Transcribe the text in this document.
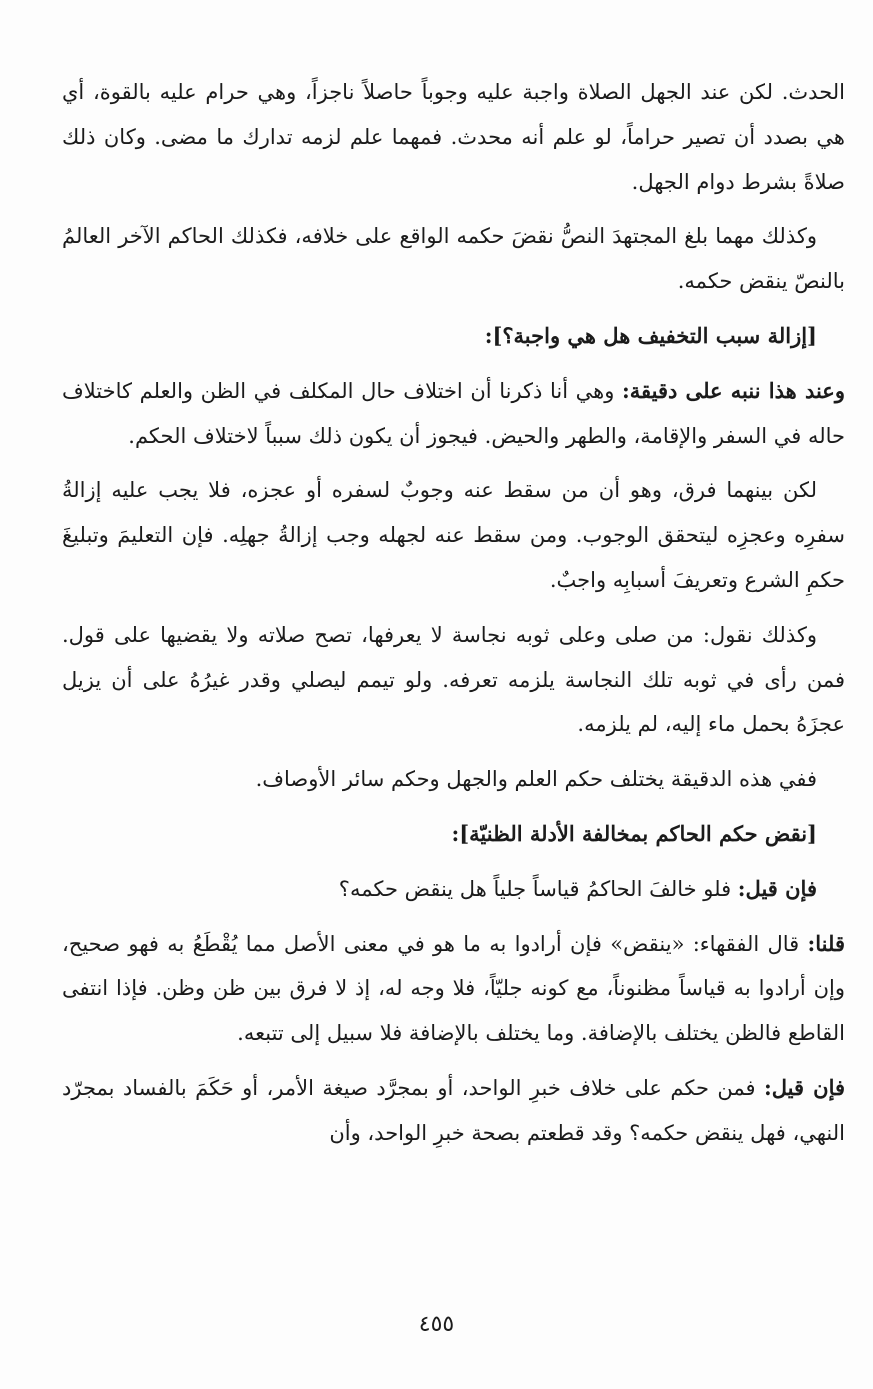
الحدث. لكن عند الجهل الصلاة واجبة عليه وجوباً حاصلاً ناجزاً، وهي حرام عليه بالقوة، أي هي بصدد أن تصير حراماً، لو علم أنه محدث. فمهما علم لزمه تدارك ما مضى. وكان ذلك صلاةً بشرط دوام الجهل.

وكذلك مهما بلغ المجتهدَ النصُّ نقضَ حكمه الواقع على خلافه، فكذلك الحاكم الآخر العالمُ بالنصّ ينقض حكمه.

[إزالة سبب التخفيف هل هي واجبة؟]:

وعند هذا ننبه على دقيقة: وهي أنا ذكرنا أن اختلاف حال المكلف في الظن والعلم كاختلاف حاله في السفر والإقامة، والطهر والحيض. فيجوز أن يكون ذلك سبباً لاختلاف الحكم.

لكن بينهما فرق، وهو أن من سقط عنه وجوبٌ لسفره أو عجزه، فلا يجب عليه إزالةُ سفرِه وعجزِه ليتحقق الوجوب. ومن سقط عنه لجهله وجب إزالةُ جهلِه. فإن التعليمَ وتبليغَ حكمِ الشرع وتعريفَ أسبابِه واجبٌ.

وكذلك نقول: من صلى وعلى ثوبه نجاسة لا يعرفها، تصح صلاته ولا يقضيها على قول. فمن رأى في ثوبه تلك النجاسة يلزمه تعرفه. ولو تيمم ليصلي وقدر غيرُهُ على أن يزيل عجزَهُ بحمل ماء إليه، لم يلزمه.

ففي هذه الدقيقة يختلف حكم العلم والجهل وحكم سائر الأوصاف.

[نقض حكم الحاكم بمخالفة الأدلة الظنيّة]:

فإن قيل: فلو خالفَ الحاكمُ قياساً جلياً هل ينقض حكمه؟

قلنا: قال الفقهاء: «ينقض» فإن أرادوا به ما هو في معنى الأصل مما يُقْطَعُ به فهو صحيح، وإن أرادوا به قياساً مظنوناً، مع كونه جليّاً، فلا وجه له، إذ لا فرق بين ظن وظن. فإذا انتفى القاطع فالظن يختلف بالإضافة. وما يختلف بالإضافة فلا سبيل إلى تتبعه.

فإن قيل: فمن حكم على خلاف خبرِ الواحد، أو بمجرَّد صيغة الأمر، أو حَكَمَ بالفساد بمجرّد النهي، فهل ينقض حكمه؟ وقد قطعتم بصحة خبرِ الواحد، وأن

٤٥٥
